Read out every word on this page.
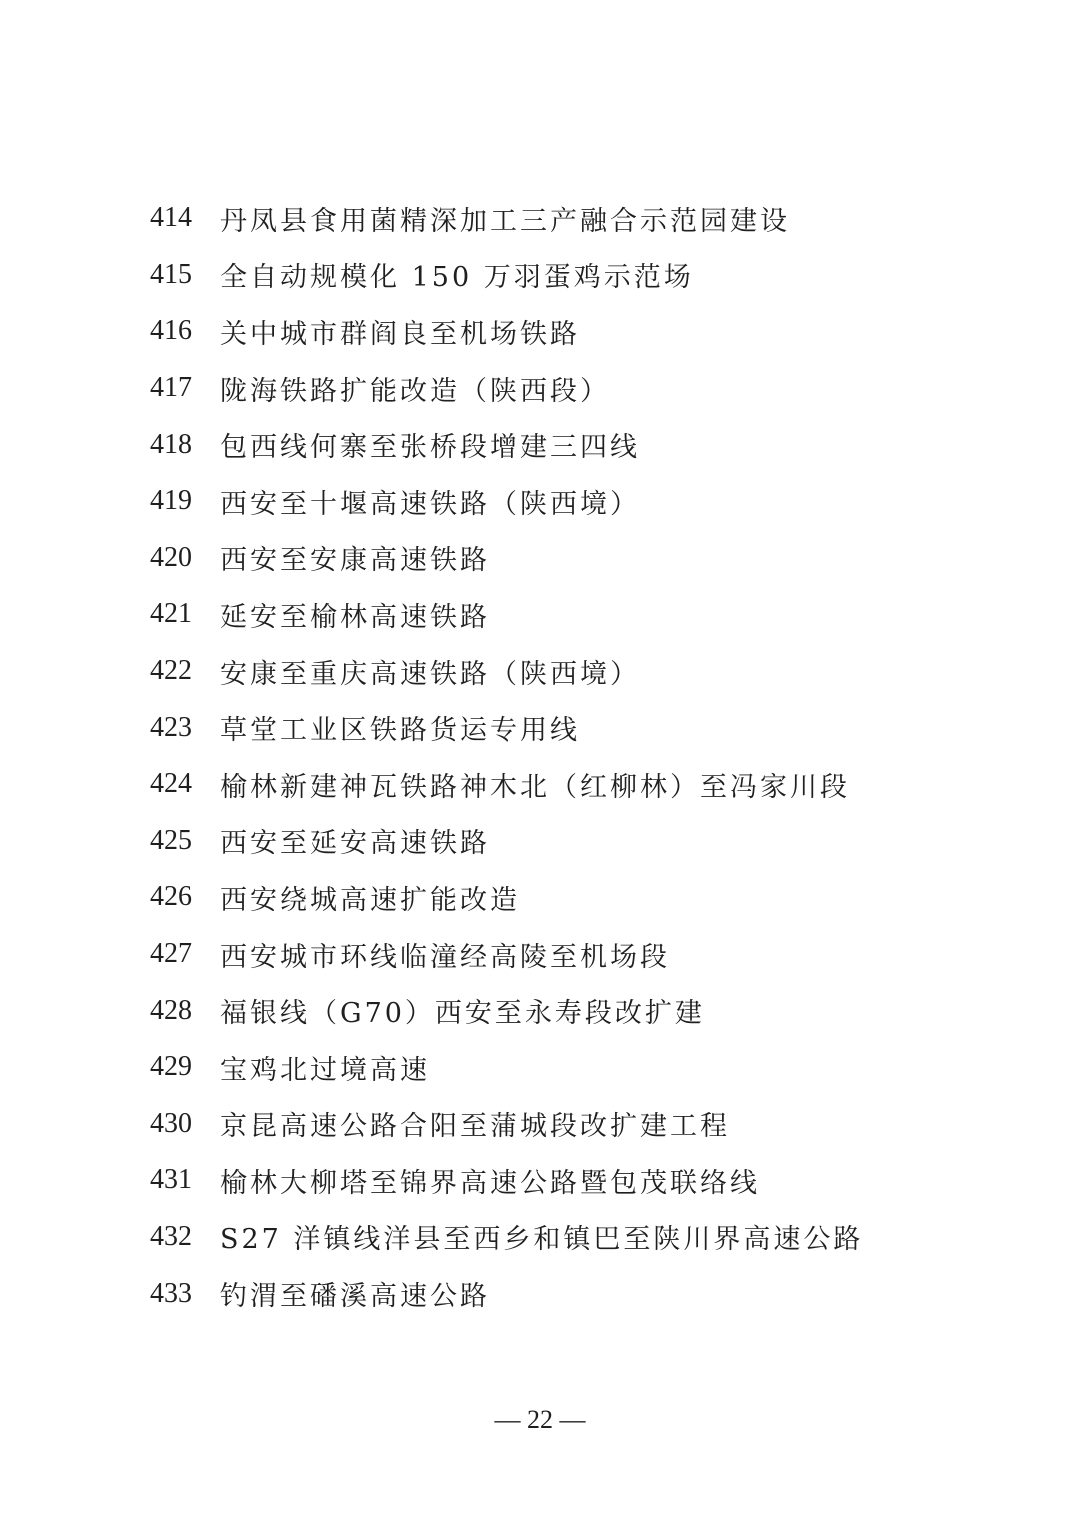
414	丹凤县食用菌精深加工三产融合示范园建设
415	全自动规模化 150 万羽蛋鸡示范场
416	关中城市群阎良至机场铁路
417	陇海铁路扩能改造（陕西段）
418	包西线何寨至张桥段增建三四线
419	西安至十堰高速铁路（陕西境）
420	西安至安康高速铁路
421	延安至榆林高速铁路
422	安康至重庆高速铁路（陕西境）
423	草堂工业区铁路货运专用线
424	榆林新建神瓦铁路神木北（红柳林）至冯家川段
425	西安至延安高速铁路
426	西安绕城高速扩能改造
427	西安城市环线临潼经高陵至机场段
428	福银线（G70）西安至永寿段改扩建
429	宝鸡北过境高速
430	京昆高速公路合阳至蒲城段改扩建工程
431	榆林大柳塔至锦界高速公路暨包茂联络线
432	S27 洋镇线洋县至西乡和镇巴至陕川界高速公路
433	钓渭至磻溪高速公路
— 22 —
